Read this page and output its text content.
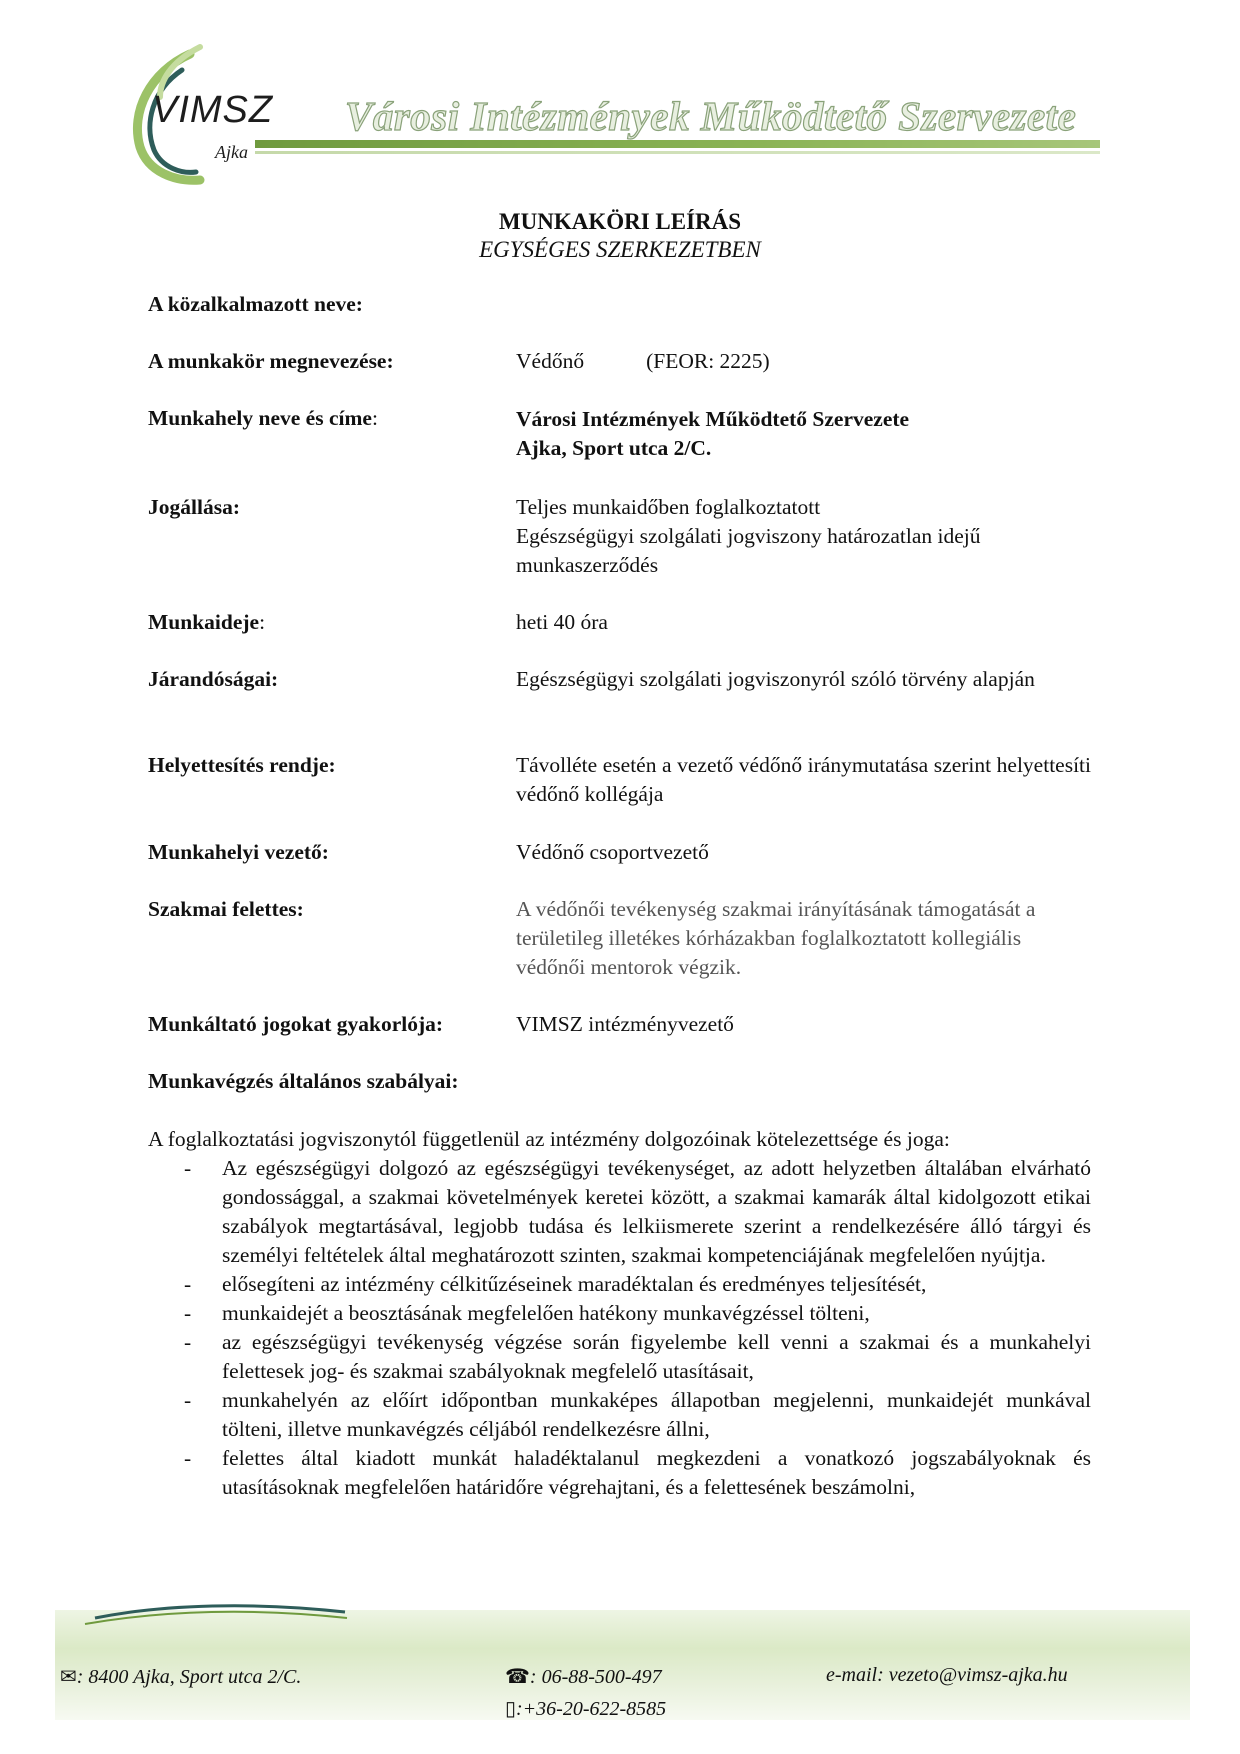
VIMSZ
Ajka
Városi Intézmények Működtető Szervezete
MUNKAKÖRI LEÍRÁS
EGYSÉGES SZERKEZETBEN
A közalkalmazott neve:
A munkakör megnevezése:	Védőnő	(FEOR: 2225)
Munkahely neve és címe:	Városi Intézmények Működtető Szervezete
Ajka, Sport utca 2/C.
Jogállása:	Teljes munkaidőben foglalkoztatott
Egészségügyi szolgálati jogviszony határozatlan idejű munkaszerződés
Munkaideje:	heti 40 óra
Járandóságai:	Egészségügyi szolgálati jogviszonyról szóló törvény alapján
Helyettesítés rendje:	Távolléte esetén a vezető védőnő iránymutatása szerint helyettesíti védőnő kollégája
Munkahelyi vezető:	Védőnő csoportvezető
Szakmai felettes:	A védőnői tevékenység szakmai irányításának támogatását a területileg illetékes kórházakban foglalkoztatott kollegiális védőnői mentorok végzik.
Munkáltató jogokat gyakorlója:	VIMSZ intézményvezető
Munkavégzés általános szabályai:
A foglalkoztatási jogviszonytól függetlenül az intézmény dolgozóinak kötelezettsége és joga:
- Az egészségügyi dolgozó az egészségügyi tevékenységet, az adott helyzetben általában elvárható gondossággal, a szakmai követelmények keretei között, a szakmai kamarák által kidolgozott etikai szabályok megtartásával, legjobb tudása és lelkiismerete szerint a rendelkezésére álló tárgyi és személyi feltételek által meghatározott szinten, szakmai kompetenciájának megfelelően nyújtja.
- elősegíteni az intézmény célkitűzéseinek maradéktalan és eredményes teljesítését,
- munkaidejét a beosztásának megfelelően hatékony munkavégzéssel tölteni,
- az egészségügyi tevékenység végzése során figyelembe kell venni a szakmai és a munkahelyi felettesek jog- és szakmai szabályoknak megfelelő utasításait,
- munkahelyén az előírt időpontban munkaképes állapotban megjelenni, munkaidejét munkával tölteni, illetve munkavégzés céljából rendelkezésre állni,
- felettes által kiadott munkát haladéktalanul megkezdeni a vonatkozó jogszabályoknak és utasításoknak megfelelően határidőre végrehajtani, és a felettesének beszámolni,
✉: 8400 Ajka, Sport utca 2/C.	☎: 06-88-500-497
▯:+36-20-622-8585
e-mail: vezeto@vimsz-ajka.hu
